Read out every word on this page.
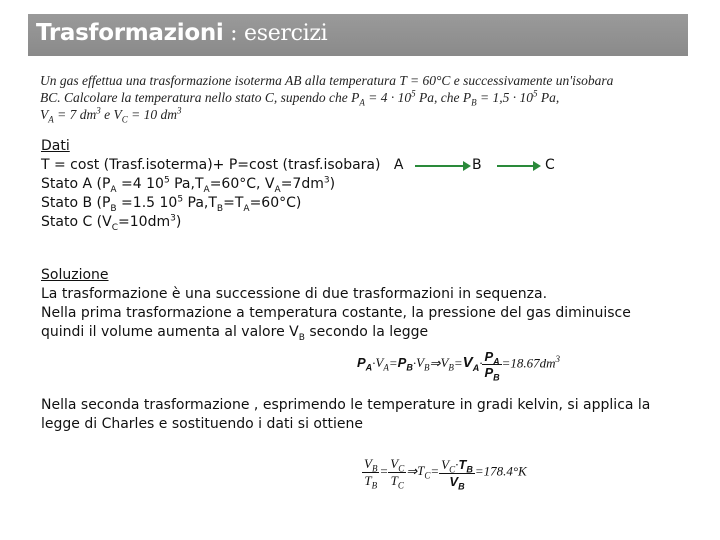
Trasformazioni : esercizi
Un gas effettua una trasformazione isoterma AB alla temperatura T = 60°C e successivamente un'isobara
BC. Calcolare la temperatura nello stato C, supendo che $P_A = 4 \cdot 10^5$ Pa, che $P_B = 1,5 \cdot 10^5$ Pa,
$V_A = 7$ $dm^3$ e $V_C = 10$ $dm^3$
Dati
T = cost (Trasf.isoterma)+ P=cost (trasf.isobara) A
Stato A ($P_A =4$ $10^5$ $Pa,T_A=60^\circ C$, $V_A=7dm^3$)
Stato B ($P_B =1.5$ $10^5$ $Pa,T_B=T_A=60^\circ C$)
Stato C $(V_C=10dm^3)$
B	C
Soluzione
La trasformazione è una successione di due trasformazioni in sequenza.
Nella prima trasformazione a temperatura costante, la pressione del gas diminuisce
quindi il volume aumenta al valore $V_B$ secondo la legge
$P_A\cdot V_A=P_B\cdot V_B\Rightarrow V_B=V_A\cdot \frac{P_A}{P_B} =18.67dm^3$
Nella seconda trasformazione , esprimendo le temperature in gradi kelvin, si applica la
legge di Charles e sostituendo i dati si ottiene
$\frac{V_B}{T_B} = \frac{V_C}{T_C}$ $\Rightarrow T_C= \frac{V_C\cdot T_B}{V_B} =178.4^\circ K$
